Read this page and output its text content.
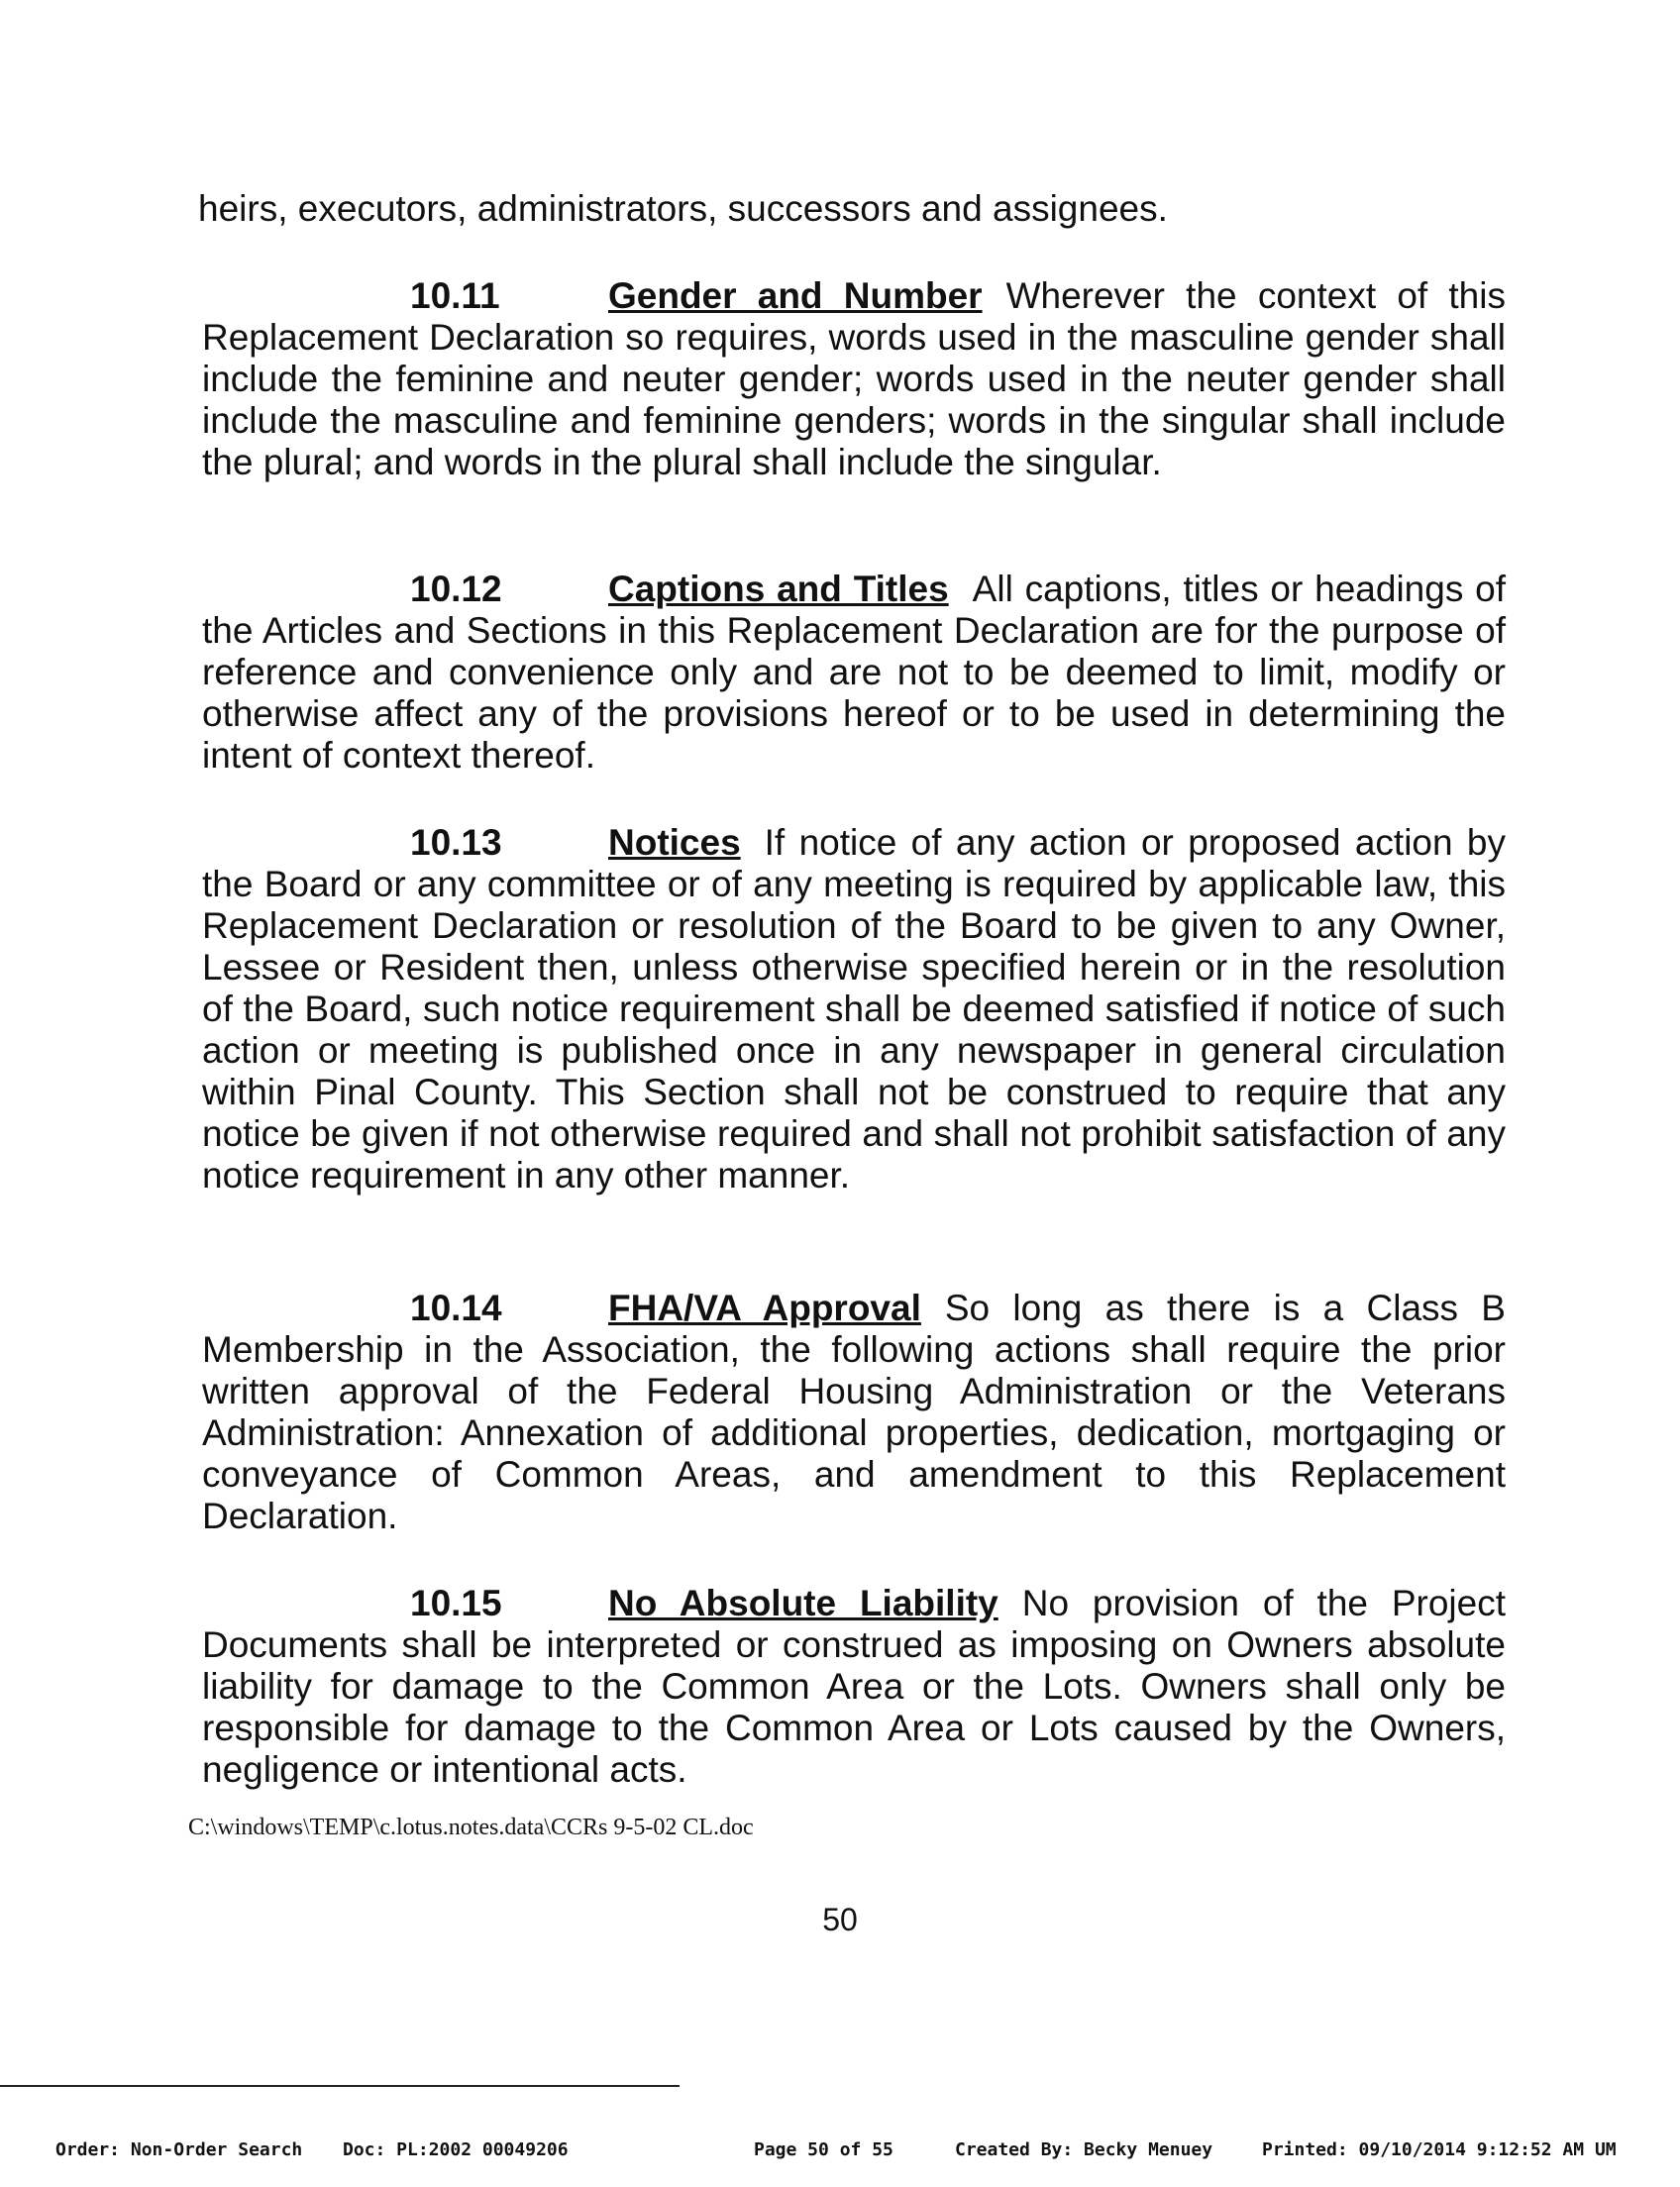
heirs, executors, administrators, successors and assignees.

10.11	Gender and Number Wherever the context of this Replacement Declaration so requires, words used in the masculine gender shall include the feminine and neuter gender; words used in the neuter gender shall include the masculine and feminine genders; words in the singular shall include the plural; and words in the plural shall include the singular.
10.12	Captions and Titles All captions, titles or headings of the Articles and Sections in this Replacement Declaration are for the purpose of reference and convenience only and are not to be deemed to limit, modify or otherwise affect any of the provisions hereof or to be used in determining the intent of context thereof.
10.13	Notices If notice of any action or proposed action by the Board or any committee or of any meeting is required by applicable law, this Replacement Declaration or resolution of the Board to be given to any Owner, Lessee or Resident then, unless otherwise specified herein or in the resolution of the Board, such notice requirement shall be deemed satisfied if notice of such action or meeting is published once in any newspaper in general circulation within Pinal County. This Section shall not be construed to require that any notice be given if not otherwise required and shall not prohibit satisfaction of any notice requirement in any other manner.
10.14	FHA/VA Approval So long as there is a Class B Membership in the Association, the following actions shall require the prior written approval of the Federal Housing Administration or the Veterans Administration: Annexation of additional properties, dedication, mortgaging or conveyance of Common Areas, and amendment to this Replacement Declaration.
10.15	No Absolute Liability No provision of the Project Documents shall be interpreted or construed as imposing on Owners absolute liability for damage to the Common Area or the Lots. Owners shall only be responsible for damage to the Common Area or Lots caused by the Owners, negligence or intentional acts.

C:\windows\TEMP\c.lotus.notes.data\CCRs 9-5-02 CL.doc

50

Order: Non-Order Search Doc: PL:2002 00049206	Page 50 of 55	Created By: Becky Menuey	Printed: 09/10/2014 9:12:52 AM UM
